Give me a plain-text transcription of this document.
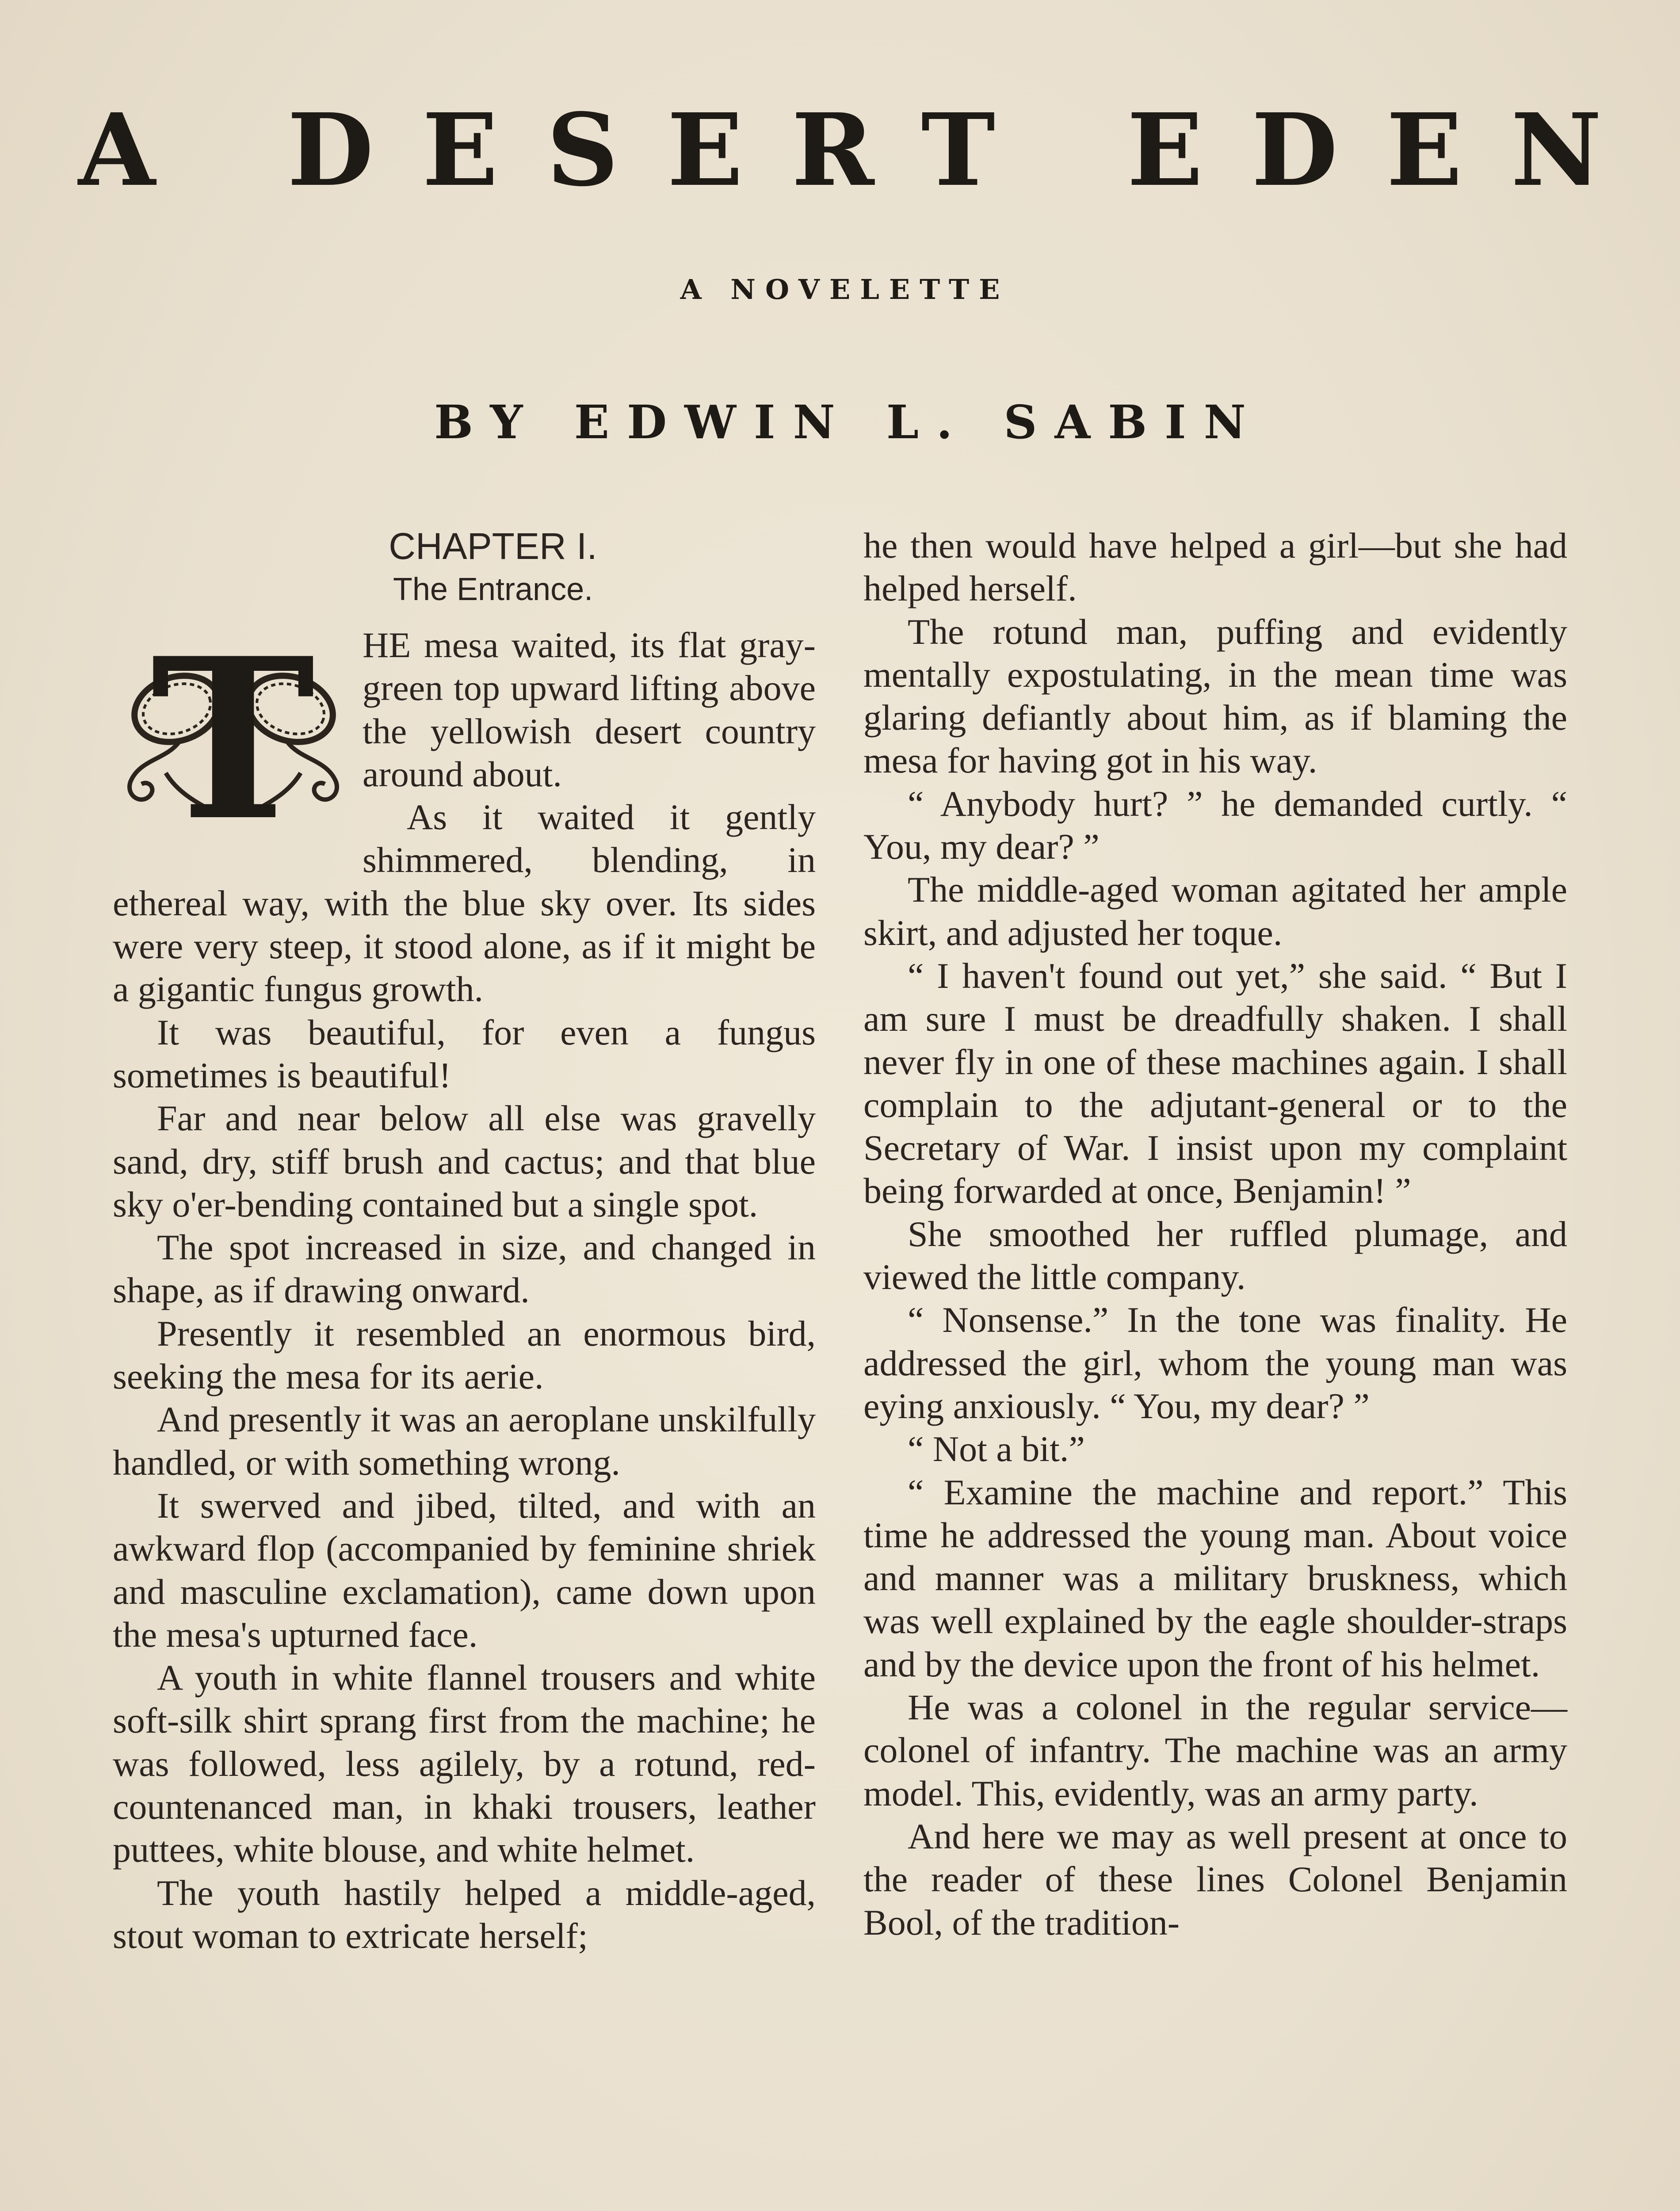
A DESERT EDEN
A NOVELETTE
BY EDWIN L. SABIN
CHAPTER I.
The Entrance.
T	HE mesa waited, its flat gray-green top upward lifting above the yellowish desert country around about.

As it waited it gently shimmered, blending, in ethereal way, with the blue sky over. Its sides were very steep, it stood alone, as if it might be a gigantic fungus growth.

It was beautiful, for even a fungus sometimes is beautiful!

Far and near below all else was gravelly sand, dry, stiff brush and cactus; and that blue sky o'er-bending contained but a single spot.

The spot increased in size, and changed in shape, as if drawing onward.

Presently it resembled an enormous bird, seeking the mesa for its aerie.

And presently it was an aeroplane unskilfully handled, or with something wrong.

It swerved and jibed, tilted, and with an awkward flop (accompanied by feminine shriek and masculine exclamation), came down upon the mesa's upturned face.

A youth in white flannel trousers and white soft-silk shirt sprang first from the machine; he was followed, less agilely, by a rotund, red-countenanced man, in khaki trousers, leather puttees, white blouse, and white helmet.

The youth hastily helped a middle-aged, stout woman to extricate herself;

he then would have helped a girl—but she had helped herself.

The rotund man, puffing and evidently mentally expostulating, in the mean time was glaring defiantly about him, as if blaming the mesa for having got in his way.

“ Anybody hurt? ” he demanded curtly. “ You, my dear? ”

The middle-aged woman agitated her ample skirt, and adjusted her toque.

“ I haven't found out yet,” she said. “ But I am sure I must be dreadfully shaken. I shall never fly in one of these machines again. I shall complain to the adjutant-general or to the Secretary of War. I insist upon my complaint being forwarded at once, Benjamin! ”

She smoothed her ruffled plumage, and viewed the little company.

“ Nonsense.” In the tone was finality. He addressed the girl, whom the young man was eying anxiously. “ You, my dear? ”

“ Not a bit.”

“ Examine the machine and report.” This time he addressed the young man. About voice and manner was a military bruskness, which was well explained by the eagle shoulder-straps and by the device upon the front of his helmet.

He was a colonel in the regular service—colonel of infantry. The machine was an army model. This, evidently, was an army party.

And here we may as well present at once to the reader of these lines Colonel Benjamin Bool, of the tradition-
